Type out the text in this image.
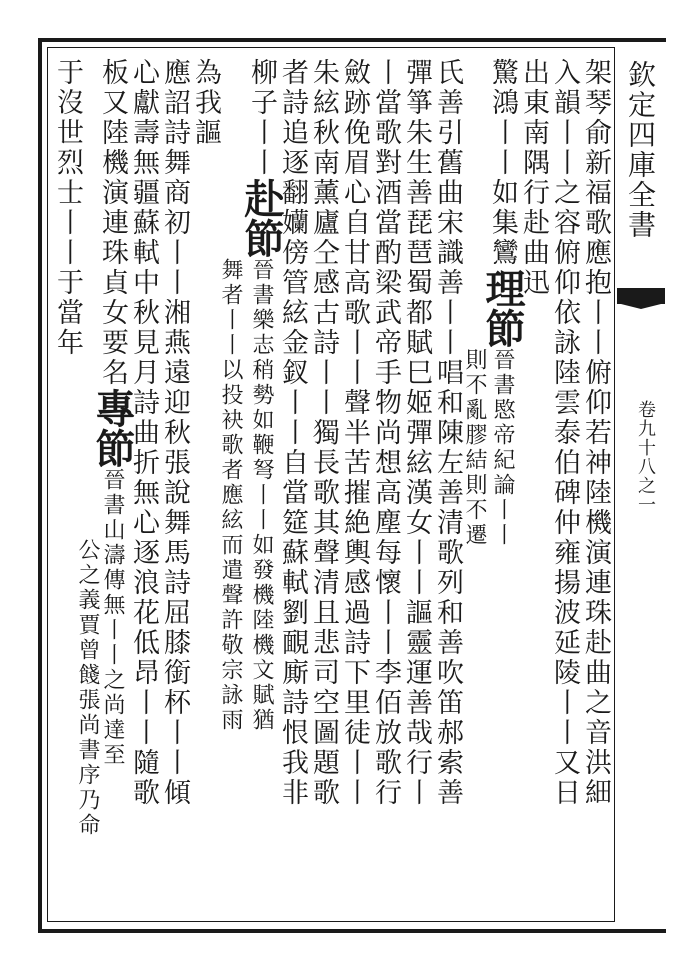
欽定四庫全書
卷九十八之一
架琴俞新福歌應抱丨丨俯仰若神陸機演連珠赴曲之音洪細
入韻丨丨之容俯仰依詠陸雲泰伯碑仲雍揚波延陵丨丨又日
出東南隅行赴曲迅
驚鴻丨丨如集鸞理節晉書愍帝紀論丨丨
則不亂膠結則不遷
氏善引舊曲宋識善丨丨唱和陳左善清歌列和善吹笛郝索善
彈箏朱生善琵琶蜀都賦巳姬彈絃漢女丨丨謳靈運善哉行丨
丨當歌對酒當酌梁武帝手物尚想高塵每懷丨丨李佰放歌行
斂跡俛眉心自甘高歌丨丨聲半苦摧絶輿感過詩下里徒丨丨
朱絃秋南薰廬仝感古詩丨丨獨長歌其聲清且悲司空圖題歌
者詩追逐翻孏傍管絃金釵丨丨自當筵蘇軾劉靦廝詩恨我非
柳子丨丨赴節晉書樂志稍勢如鞭弩丨丨如發機陸機文賦猶
舞者丨丨以投袂歌者應絃而遣聲許敬宗詠雨
為我謳
應詔詩舞商初丨丨湘燕遠迎秋張說舞馬詩屈膝銜杯丨丨傾
心獻壽無疆蘇軾中秋見月詩曲折無心逐浪花低昂丨丨隨歌
板又陸機演連珠貞女要名專節晉書山濤傳無丨丨之尚達至
公之義賈曾餞張尚書序乃命
于沒世烈士丨丨于當年
